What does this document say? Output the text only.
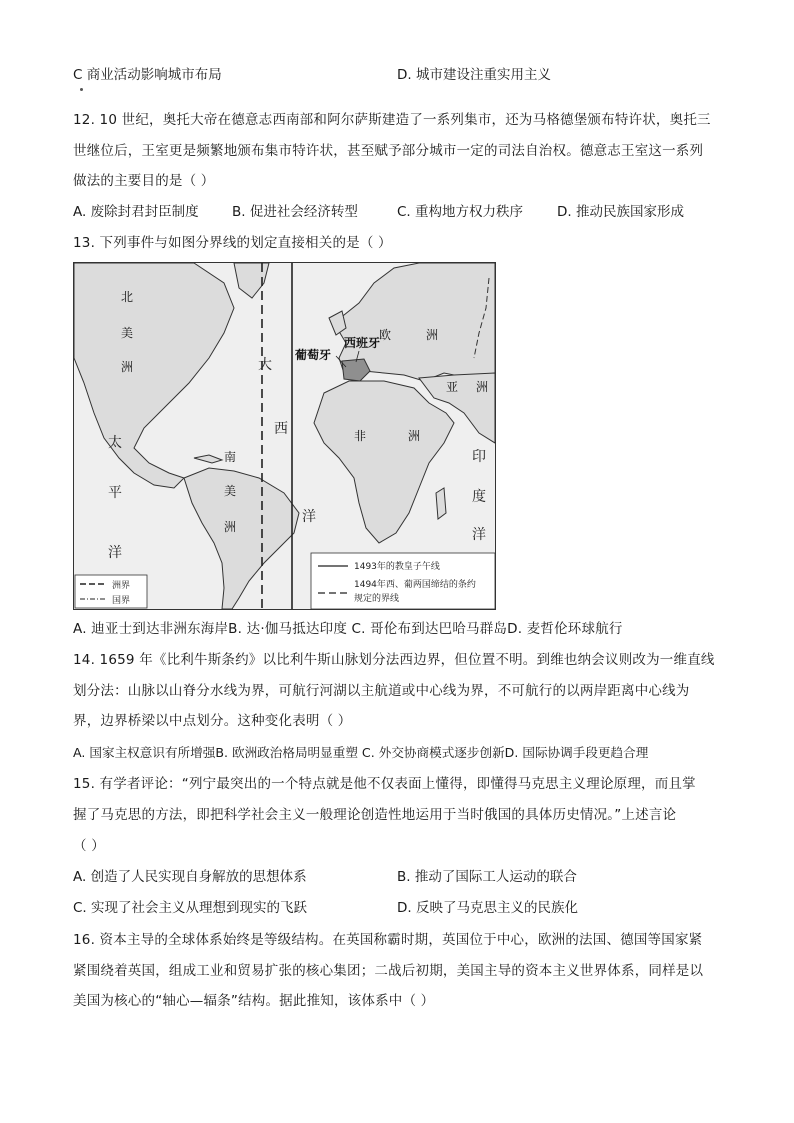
C 商业活动影响城市布局	D. 城市建设注重实用主义
12. 10 世纪，奥托大帝在德意志西南部和阿尔萨斯建造了一系列集市，还为马格德堡颁布特许状，奥托三
世继位后，王室更是频繁地颁布集市特许状，甚至赋予部分城市一定的司法自治权。德意志王室这一系列
做法的主要目的是（ ）
A. 废除封君封臣制度 B. 促进社会经济转型	C. 重构地方权力秩序	D. 推动民族国家形成
13. 下列事件与如图分界线的划定直接相关的是（ ）
北
美
洲
南
美
洲
太
平
洋
大
西
洋
欧	洲
非	洲
亚 洲
印
度
洋
葡萄牙
西班牙
洲界
国界
1493年的教皇子午线
1494年西、葡两国缔结的条约
规定的界线
A. 迪亚士到达非洲东海岸B. 达·伽马抵达印度 C. 哥伦布到达巴哈马群岛D. 麦哲伦环球航行
14. 1659 年《比利牛斯条约》以比利牛斯山脉划分法西边界，但位置不明。到维也纳会议则改为一维直线
划分法：山脉以山脊分水线为界，可航行河湖以主航道或中心线为界，不可航行的以两岸距离中心线为
界，边界桥梁以中点划分。这种变化表明（ ）
A. 国家主权意识有所增强B. 欧洲政治格局明显重塑 C. 外交协商模式逐步创新D. 国际协调手段更趋合理
15. 有学者评论：“列宁最突出的一个特点就是他不仅表面上懂得，即懂得马克思主义理论原理，而且掌
握了马克思的方法，即把科学社会主义一般理论创造性地运用于当时俄国的具体历史情况。”上述言论
（ ）
A. 创造了人民实现自身解放的思想体系	B. 推动了国际工人运动的联合
C. 实现了社会主义从理想到现实的飞跃	D. 反映了马克思主义的民族化
16. 资本主导的全球体系始终是等级结构。在英国称霸时期，英国位于中心，欧洲的法国、德国等国家紧
紧围绕着英国，组成工业和贸易扩张的核心集团；二战后初期，美国主导的资本主义世界体系，同样是以
美国为核心的“轴心—辐条”结构。据此推知，该体系中（ ）
